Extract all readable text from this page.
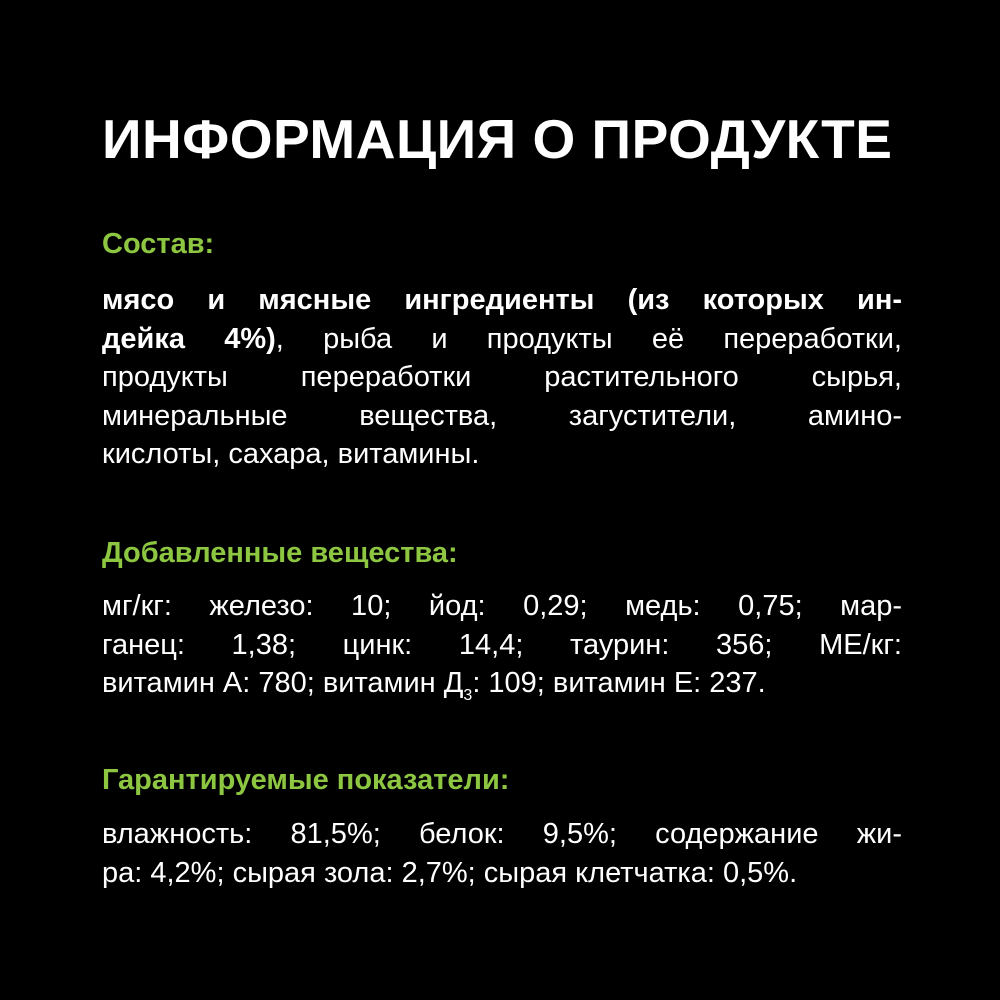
ИНФОРМАЦИЯ О ПРОДУКТЕ
Состав:
мясо и мясные ингредиенты (из которых ин-
дейка 4%), рыба и продукты её переработки,
продукты переработки растительного сырья,
минеральные вещества, загустители, амино-
кислоты, сахара, витамины.
Добавленные вещества:
мг/кг: железо: 10; йод: 0,29; медь: 0,75; мар-
ганец: 1,38; цинк: 14,4; таурин: 356; МЕ/кг:
витамин А: 780; витамин $Д_3$: 109; витамин Е: 237.
Гарантируемые показатели:
влажность: 81,5%; белок: 9,5%; содержание жи-
ра: 4,2%; сырая зола: 2,7%; сырая клетчатка: 0,5%.
